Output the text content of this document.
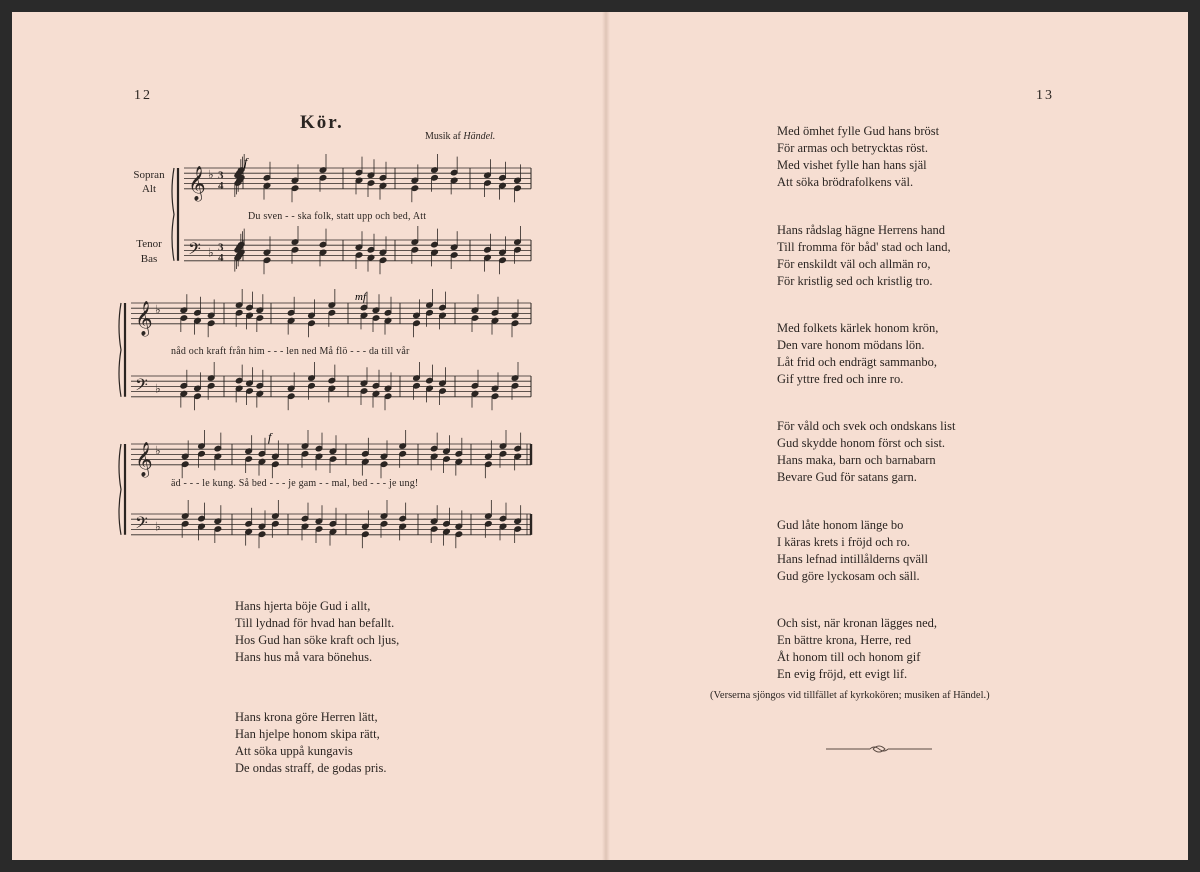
12
Kör.
Musik af Händel.
Sopran
Alt
Tenor
Bas
Du sven - - ska folk, statt upp och bed, Att
nåd och kraft från him - - - len ned Må flö - - - da till vår
äd - - - le kung. Så bed - - - je gam - - mal, bed - - - je ung!
𝄞 ♭ 3
4
𝄢 ♭ 3
4
𝄞 ♭
𝄢 ♭
𝄞 ♭
𝄢 ♭
f
mf
f
Hans hjerta böje Gud i allt,
Till lydnad för hvad han befallt.
Hos Gud han söke kraft och ljus,
Hans hus må vara bönehus.
Hans krona göre Herren lätt,
Han hjelpe honom skipa rätt,
Att söka uppå kungavis
De ondas straff, de godas pris.
13
Med ömhet fylle Gud hans bröst
För armas och betrycktas röst.
Med vishet fylle han hans själ
Att söka brödrafolkens väl.
Hans rådslag hägne Herrens hand
Till fromma för båd' stad och land,
För enskildt väl och allmän ro,
För kristlig sed och kristlig tro.
Med folkets kärlek honom krön,
Den vare honom mödans lön.
Låt frid och endrägt sammanbo,
Gif yttre fred och inre ro.
För våld och svek och ondskans list
Gud skydde honom först och sist.
Hans maka, barn och barnabarn
Bevare Gud för satans garn.
Gud låte honom länge bo
I käras krets i fröjd och ro.
Hans lefnad intillålderns qväll
Gud göre lyckosam och säll.
Och sist, när kronan lägges ned,
En bättre krona, Herre, red
Åt honom till och honom gif
En evig fröjd, ett evigt lif.
(Verserna sjöngos vid tillfället af kyrkokören; musiken af Händel.)
